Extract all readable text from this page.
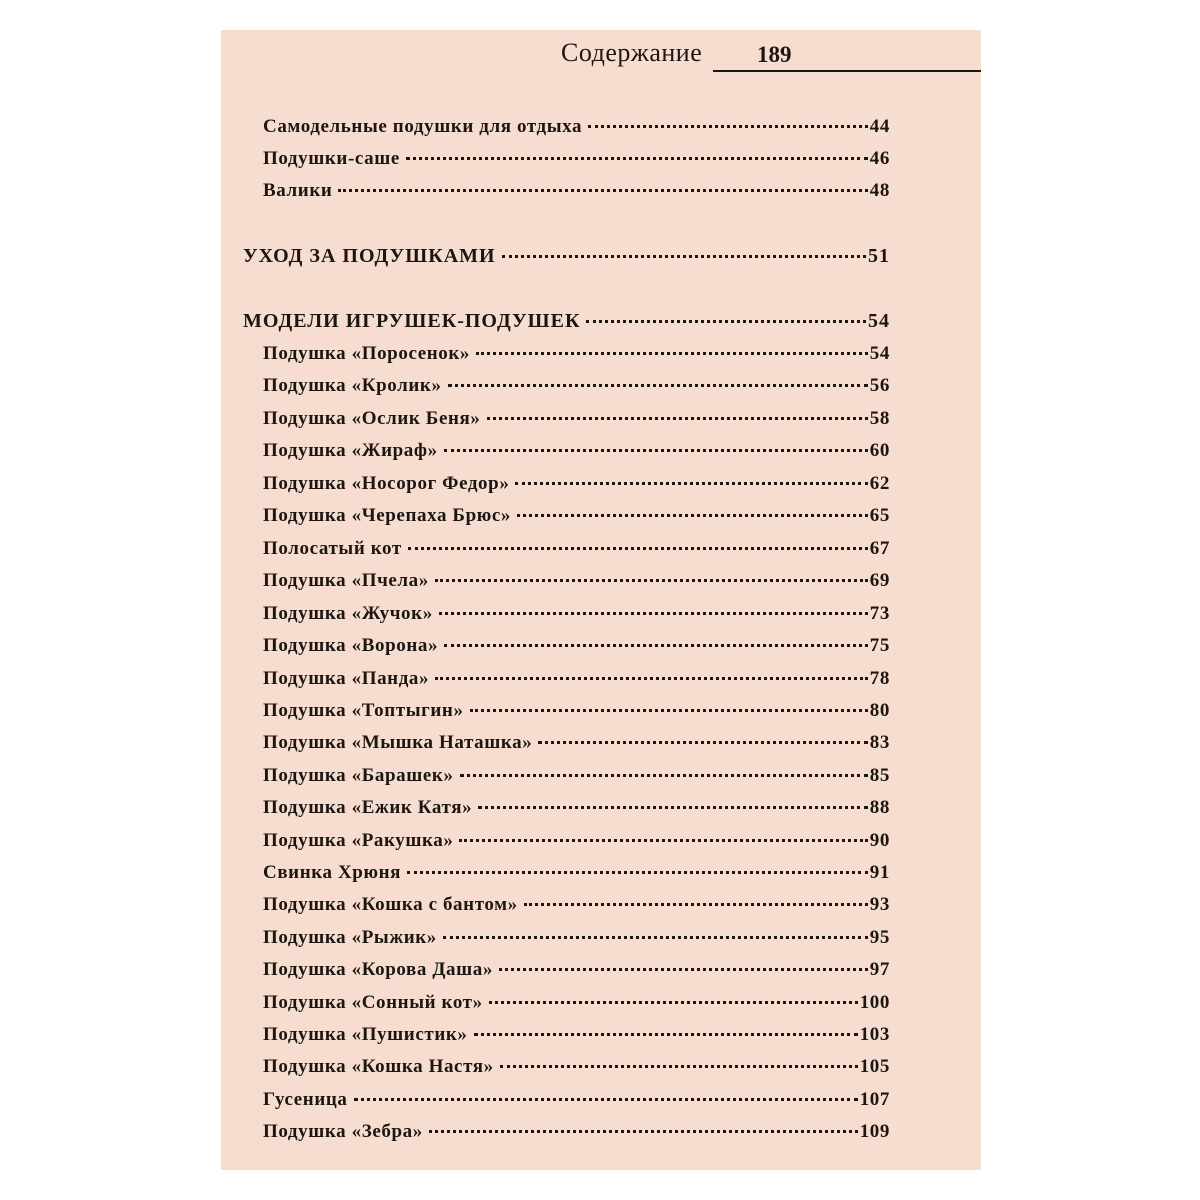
Содержание 189
Самодельные подушки для отдыха	44
Подушки-саше	46
Валики	48
УХОД ЗА ПОДУШКАМИ	51
МОДЕЛИ ИГРУШЕК-ПОДУШЕК	54
Подушка «Поросенок»	54
Подушка «Кролик»	56
Подушка «Ослик Беня»	58
Подушка «Жираф»	60
Подушка «Носорог Федор»	62
Подушка «Черепаха Брюс»	65
Полосатый кот	67
Подушка «Пчела»	69
Подушка «Жучок»	73
Подушка «Ворона»	75
Подушка «Панда»	78
Подушка «Топтыгин»	80
Подушка «Мышка Наташка»	83
Подушка «Барашек»	85
Подушка «Ежик Катя»	88
Подушка «Ракушка»	90
Свинка Хрюня	91
Подушка «Кошка с бантом»	93
Подушка «Рыжик»	95
Подушка «Корова Даша»	97
Подушка «Сонный кот»	100
Подушка «Пушистик»	103
Подушка «Кошка Настя»	105
Гусеница	107
Подушка «Зебра»	109
